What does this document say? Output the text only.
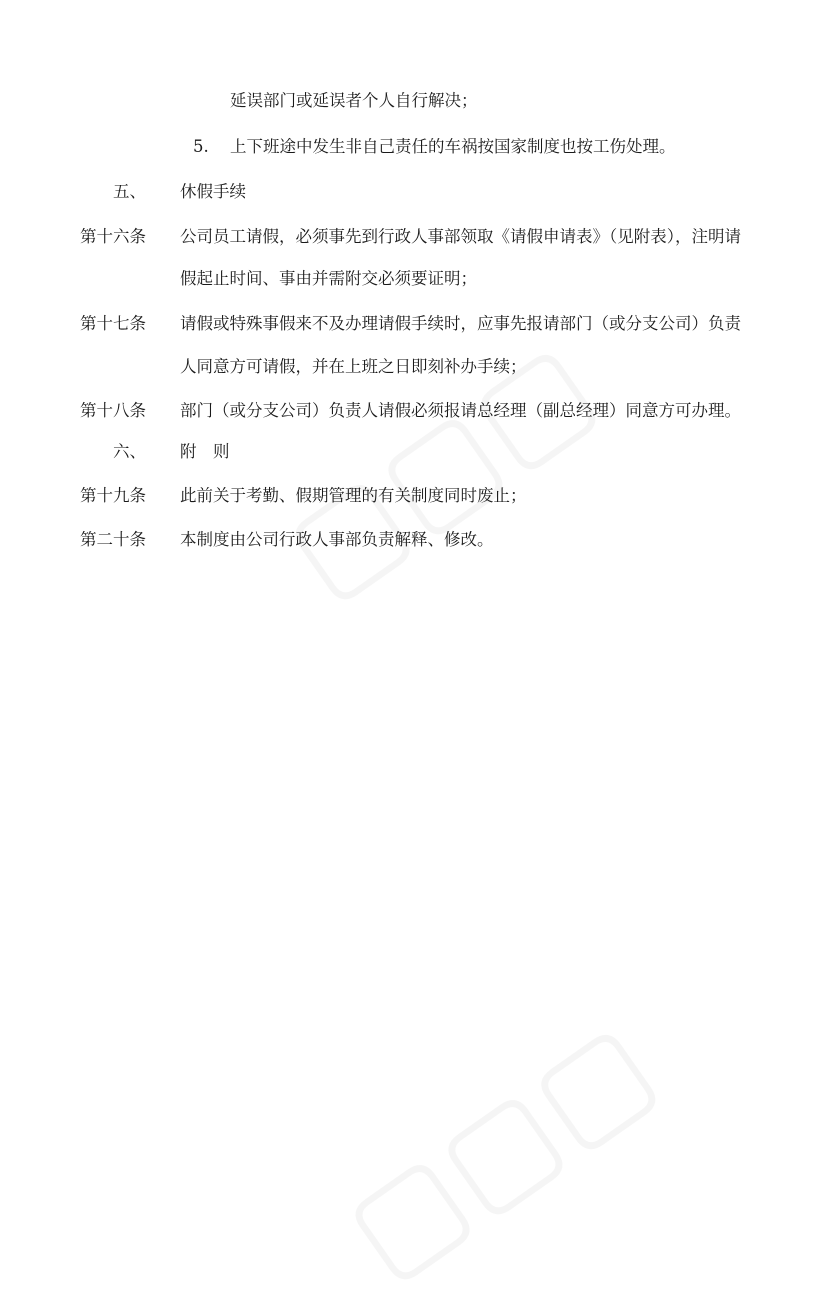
延误部门或延误者个人自行解决；
5. 上下班途中发生非自己责任的车祸按国家制度也按工伤处理。
五、 休假手续
第十六条 公司员工请假，必须事先到行政人事部领取《请假申请表》（见附表），注明请
假起止时间、事由并需附交必须要证明；
第十七条 请假或特殊事假来不及办理请假手续时，应事先报请部门（或分支公司）负责
人同意方可请假，并在上班之日即刻补办手续；
第十八条 部门（或分支公司）负责人请假必须报请总经理（副总经理）同意方可办理。
六、 附　则
第十九条 此前关于考勤、假期管理的有关制度同时废止；
第二十条 本制度由公司行政人事部负责解释、修改。
